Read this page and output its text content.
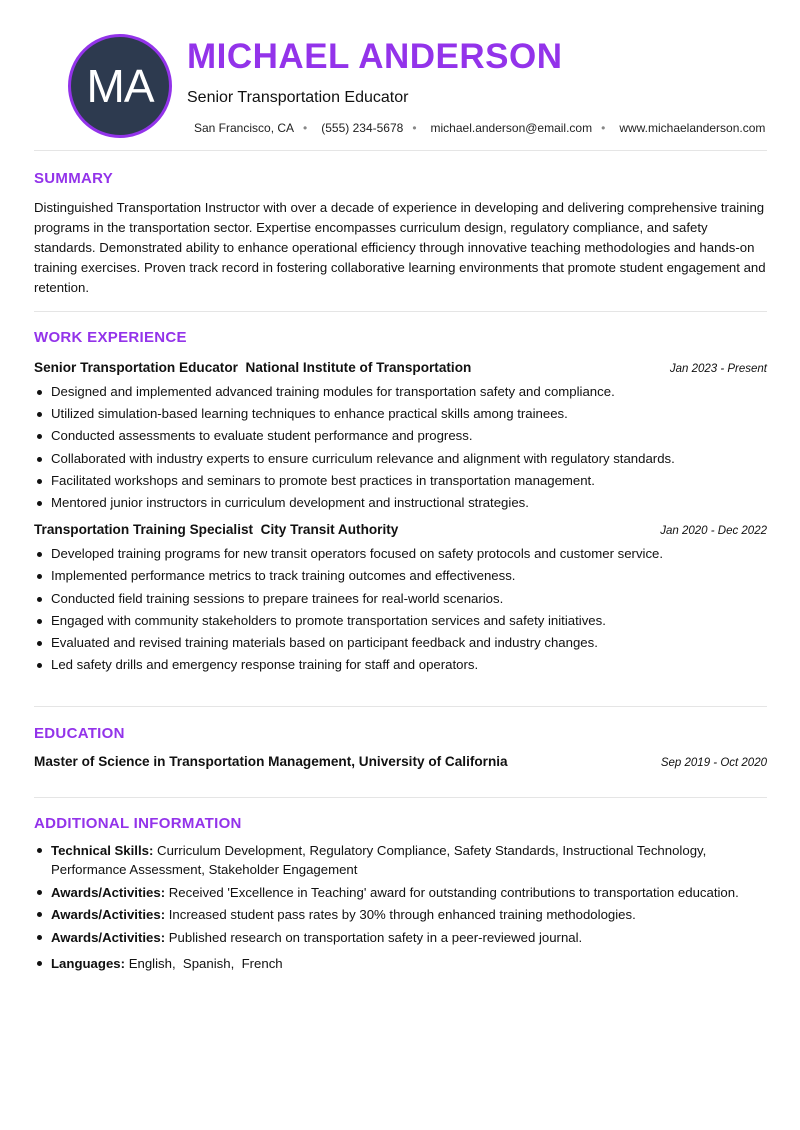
MA
MICHAEL ANDERSON
Senior Transportation Educator
San Francisco, CA • (555) 234-5678 • michael.anderson@email.com • www.michaelanderson.com
SUMMARY
Distinguished Transportation Instructor with over a decade of experience in developing and delivering comprehensive training programs in the transportation sector. Expertise encompasses curriculum design, regulatory compliance, and safety standards. Demonstrated ability to enhance operational efficiency through innovative teaching methodologies and hands-on training exercises. Proven track record in fostering collaborative learning environments that promote student engagement and retention.
WORK EXPERIENCE
Senior Transportation Educator National Institute of Transportation	Jan 2023 - Present
Designed and implemented advanced training modules for transportation safety and compliance.
Utilized simulation-based learning techniques to enhance practical skills among trainees.
Conducted assessments to evaluate student performance and progress.
Collaborated with industry experts to ensure curriculum relevance and alignment with regulatory standards.
Facilitated workshops and seminars to promote best practices in transportation management.
Mentored junior instructors in curriculum development and instructional strategies.
Transportation Training Specialist City Transit Authority	Jan 2020 - Dec 2022
Developed training programs for new transit operators focused on safety protocols and customer service.
Implemented performance metrics to track training outcomes and effectiveness.
Conducted field training sessions to prepare trainees for real-world scenarios.
Engaged with community stakeholders to promote transportation services and safety initiatives.
Evaluated and revised training materials based on participant feedback and industry changes.
Led safety drills and emergency response training for staff and operators.
EDUCATION
Master of Science in Transportation Management, University of California	Sep 2019 - Oct 2020
ADDITIONAL INFORMATION
Technical Skills: Curriculum Development, Regulatory Compliance, Safety Standards, Instructional Technology, Performance Assessment, Stakeholder Engagement
Awards/Activities: Received 'Excellence in Teaching' award for outstanding contributions to transportation education.
Awards/Activities: Increased student pass rates by 30% through enhanced training methodologies.
Awards/Activities: Published research on transportation safety in a peer-reviewed journal.
Languages: English,  Spanish,  French
